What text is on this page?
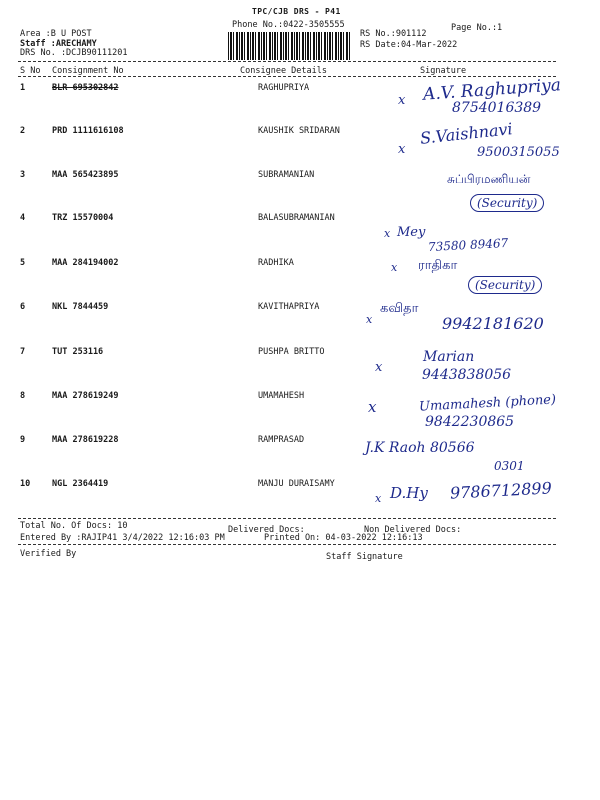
TPC/CJB DRS - P41
Phone No.:0422-3505555
Area :B U POST
Staff :ARECHAMY
DRS No. :DCJB90111201
RS No.:901112
RS Date:04-Mar-2022
Page No.:1
S No Consignment No	Consignee Details	Signature
1	BLR 695302842	RAGHUPRIYA
x A.V. Raghupriya
8754016389
2	PRD 1111616108	KAUSHIK SRIDARAN
x
S.Vaishnavi
9500315055
3	MAA 565423895	SUBRAMANIAN	சுப்பிரமணியன்
(Security)
4	TRZ 15570004	BALASUBRAMANIAN
x Mey
73580 89467
5	MAA 284194002	RADHIKA	x ராதிகா
(Security)
6	NKL 7844459	KAVITHAPRIYA
x
கவிதா
9942181620
7	TUT 253116	PUSHPA BRITTO
x
Marian
9443838056
8	MAA 278619249	UMAMAHESH
x	Umamahesh (phone)
9842230865
9	MAA 278619228	RAMPRASAD	J.K Raoh 80566
0301
10	NGL 2364419	MANJU DURAISAMY
x D.Hy 9786712899
Total No. Of Docs: 10	Delivered Docs:	Non Delivered Docs:
Entered By :RAJIP41 3/4/2022 12:16:03 PM	Printed On: 04-03-2022 12:16:13
Verified By	Staff Signature
